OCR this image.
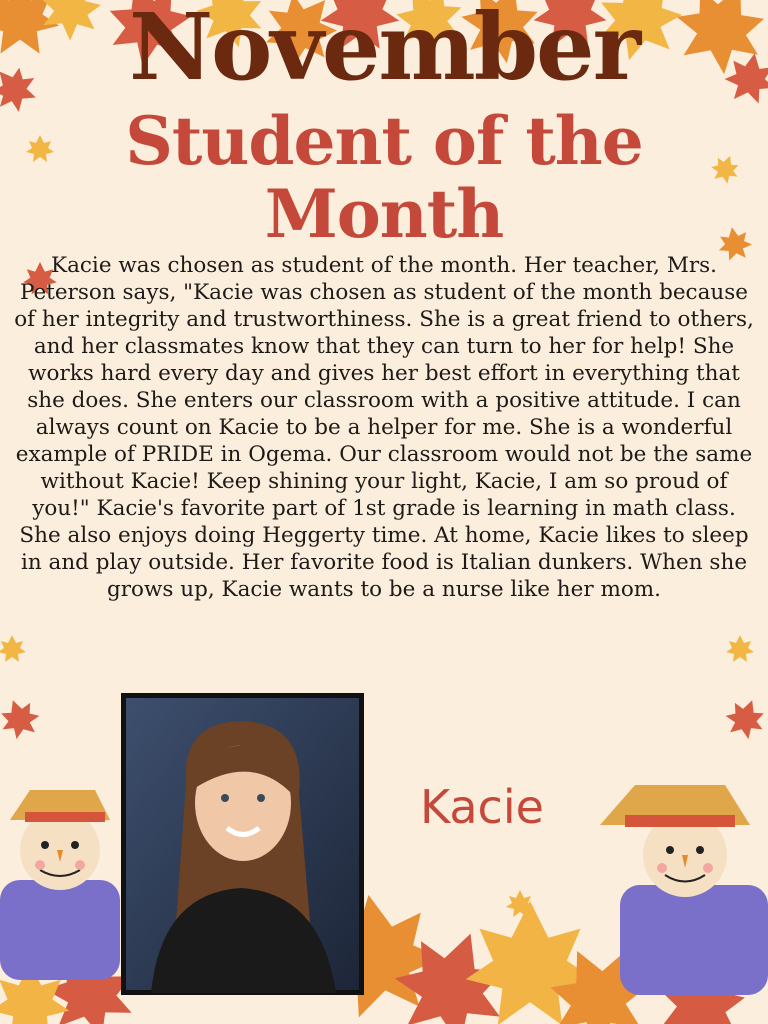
November
Student of the
Month

Kacie was chosen as student of the month. Her teacher, Mrs. Peterson says, "Kacie was chosen as student of the month because of her integrity and trustworthiness. She is a great friend to others, and her classmates know that they can turn to her for help! She works hard every day and gives her best effort in everything that she does. She enters our classroom with a positive attitude. I can always count on Kacie to be a helper for me. She is a wonderful example of PRIDE in Ogema. Our classroom would not be the same without Kacie! Keep shining your light, Kacie, I am so proud of you!" Kacie's favorite part of 1st grade is learning in math class. She also enjoys doing Heggerty time. At home, Kacie likes to sleep in and play outside. Her favorite food is Italian dunkers. When she grows up, Kacie wants to be a nurse like her mom.

Kacie
